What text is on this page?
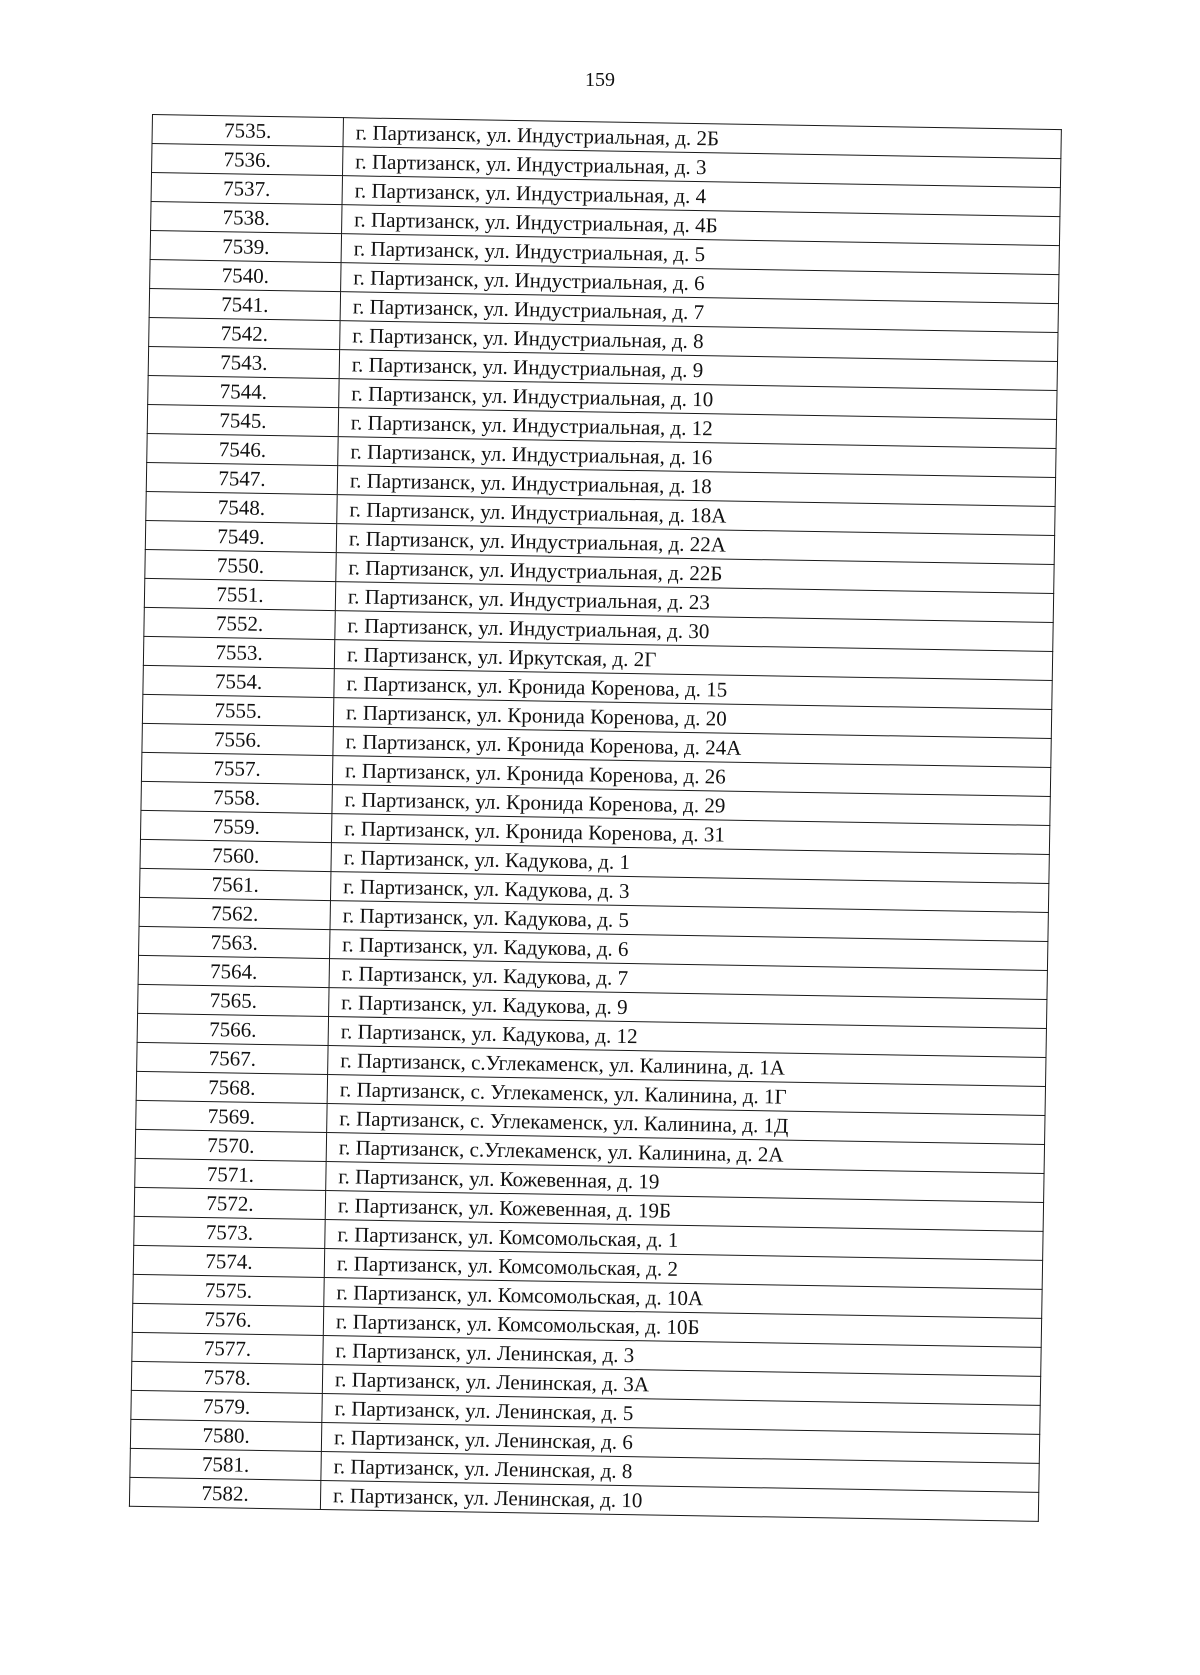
159
7535.	г. Партизанск, ул. Индустриальная, д. 2Б
7536.	г. Партизанск, ул. Индустриальная, д. 3
7537.	г. Партизанск, ул. Индустриальная, д. 4
7538.	г. Партизанск, ул. Индустриальная, д. 4Б
7539.	г. Партизанск, ул. Индустриальная, д. 5
7540.	г. Партизанск, ул. Индустриальная, д. 6
7541.	г. Партизанск, ул. Индустриальная, д. 7
7542.	г. Партизанск, ул. Индустриальная, д. 8
7543.	г. Партизанск, ул. Индустриальная, д. 9
7544.	г. Партизанск, ул. Индустриальная, д. 10
7545.	г. Партизанск, ул. Индустриальная, д. 12
7546.	г. Партизанск, ул. Индустриальная, д. 16
7547.	г. Партизанск, ул. Индустриальная, д. 18
7548.	г. Партизанск, ул. Индустриальная, д. 18А
7549.	г. Партизанск, ул. Индустриальная, д. 22А
7550.	г. Партизанск, ул. Индустриальная, д. 22Б
7551.	г. Партизанск, ул. Индустриальная, д. 23
7552.	г. Партизанск, ул. Индустриальная, д. 30
7553.	г. Партизанск, ул. Иркутская, д. 2Г
7554.	г. Партизанск, ул. Кронида Коренова, д. 15
7555.	г. Партизанск, ул. Кронида Коренова, д. 20
7556.	г. Партизанск, ул. Кронида Коренова, д. 24А
7557.	г. Партизанск, ул. Кронида Коренова, д. 26
7558.	г. Партизанск, ул. Кронида Коренова, д. 29
7559.	г. Партизанск, ул. Кронида Коренова, д. 31
7560.	г. Партизанск, ул. Кадукова, д. 1
7561.	г. Партизанск, ул. Кадукова, д. 3
7562.	г. Партизанск, ул. Кадукова, д. 5
7563.	г. Партизанск, ул. Кадукова, д. 6
7564.	г. Партизанск, ул. Кадукова, д. 7
7565.	г. Партизанск, ул. Кадукова, д. 9
7566.	г. Партизанск, ул. Кадукова, д. 12
7567.	г. Партизанск, с.Углекаменск, ул. Калинина, д. 1А
7568.	г. Партизанск, с. Углекаменск, ул. Калинина, д. 1Г
7569.	г. Партизанск, с. Углекаменск, ул. Калинина, д. 1Д
7570.	г. Партизанск, с.Углекаменск, ул. Калинина, д. 2А
7571.	г. Партизанск, ул. Кожевенная, д. 19
7572.	г. Партизанск, ул. Кожевенная, д. 19Б
7573.	г. Партизанск, ул. Комсомольская, д. 1
7574.	г. Партизанск, ул. Комсомольская, д. 2
7575.	г. Партизанск, ул. Комсомольская, д. 10А
7576.	г. Партизанск, ул. Комсомольская, д. 10Б
7577.	г. Партизанск, ул. Ленинская, д. 3
7578.	г. Партизанск, ул. Ленинская, д. 3А
7579.	г. Партизанск, ул. Ленинская, д. 5
7580.	г. Партизанск, ул. Ленинская, д. 6
7581.	г. Партизанск, ул. Ленинская, д. 8
7582.	г. Партизанск, ул. Ленинская, д. 10
